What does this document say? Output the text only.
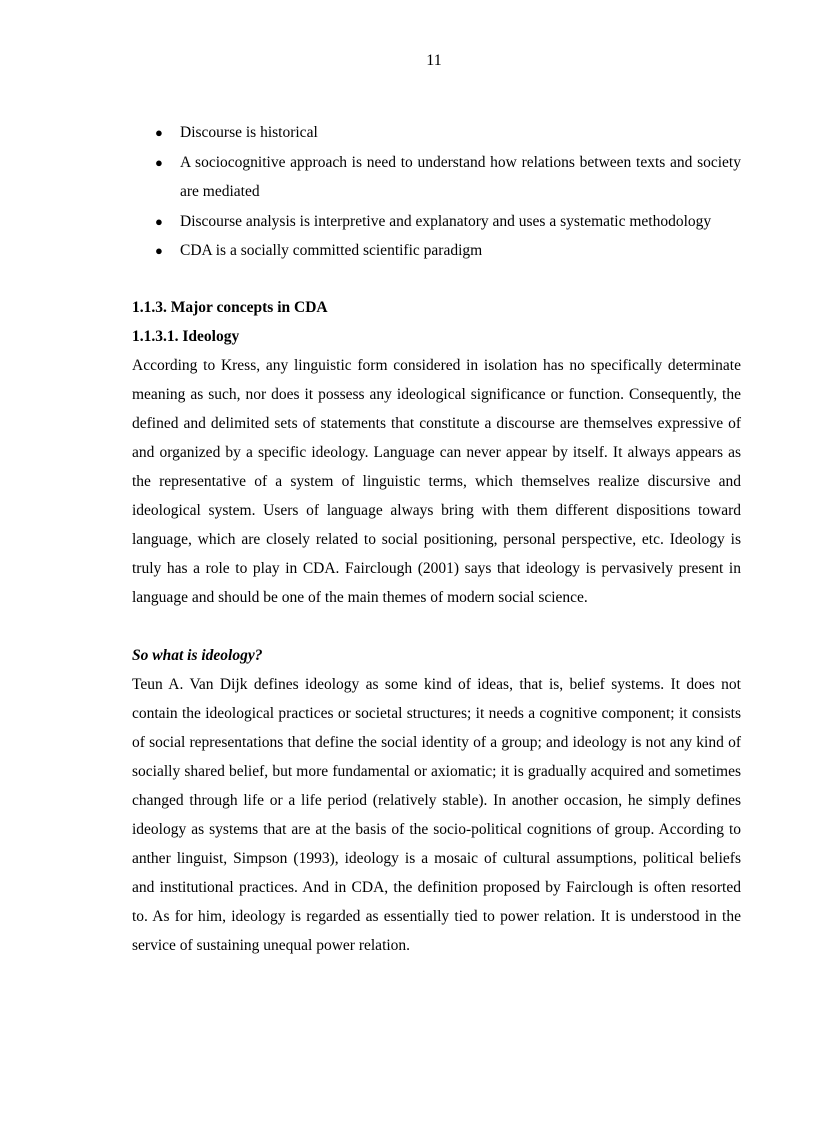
11
● Discourse is historical
● A sociocognitive approach is need to understand how relations between texts and society are mediated
● Discourse analysis is interpretive and explanatory and uses a systematic methodology
● CDA is a socially committed scientific paradigm

1.1.3. Major concepts in CDA

1.1.3.1. Ideology

According to Kress, any linguistic form considered in isolation has no specifically determinate meaning as such, nor does it possess any ideological significance or function. Consequently, the defined and delimited sets of statements that constitute a discourse are themselves expressive of and organized by a specific ideology. Language can never appear by itself. It always appears as the representative of a system of linguistic terms, which themselves realize discursive and ideological system. Users of language always bring with them different dispositions toward language, which are closely related to social positioning, personal perspective, etc. Ideology is truly has a role to play in CDA. Fairclough (2001) says that ideology is pervasively present in language and should be one of the main themes of modern social science.

So what is ideology?

Teun A. Van Dijk defines ideology as some kind of ideas, that is, belief systems. It does not contain the ideological practices or societal structures; it needs a cognitive component; it consists of social representations that define the social identity of a group; and ideology is not any kind of socially shared belief, but more fundamental or axiomatic; it is gradually acquired and sometimes changed through life or a life period (relatively stable). In another occasion, he simply defines ideology as systems that are at the basis of the socio-political cognitions of group. According to anther linguist, Simpson (1993), ideology is a mosaic of cultural assumptions, political beliefs and institutional practices. And in CDA, the definition proposed by Fairclough is often resorted to. As for him, ideology is regarded as essentially tied to power relation. It is understood in the service of sustaining unequal power relation.
